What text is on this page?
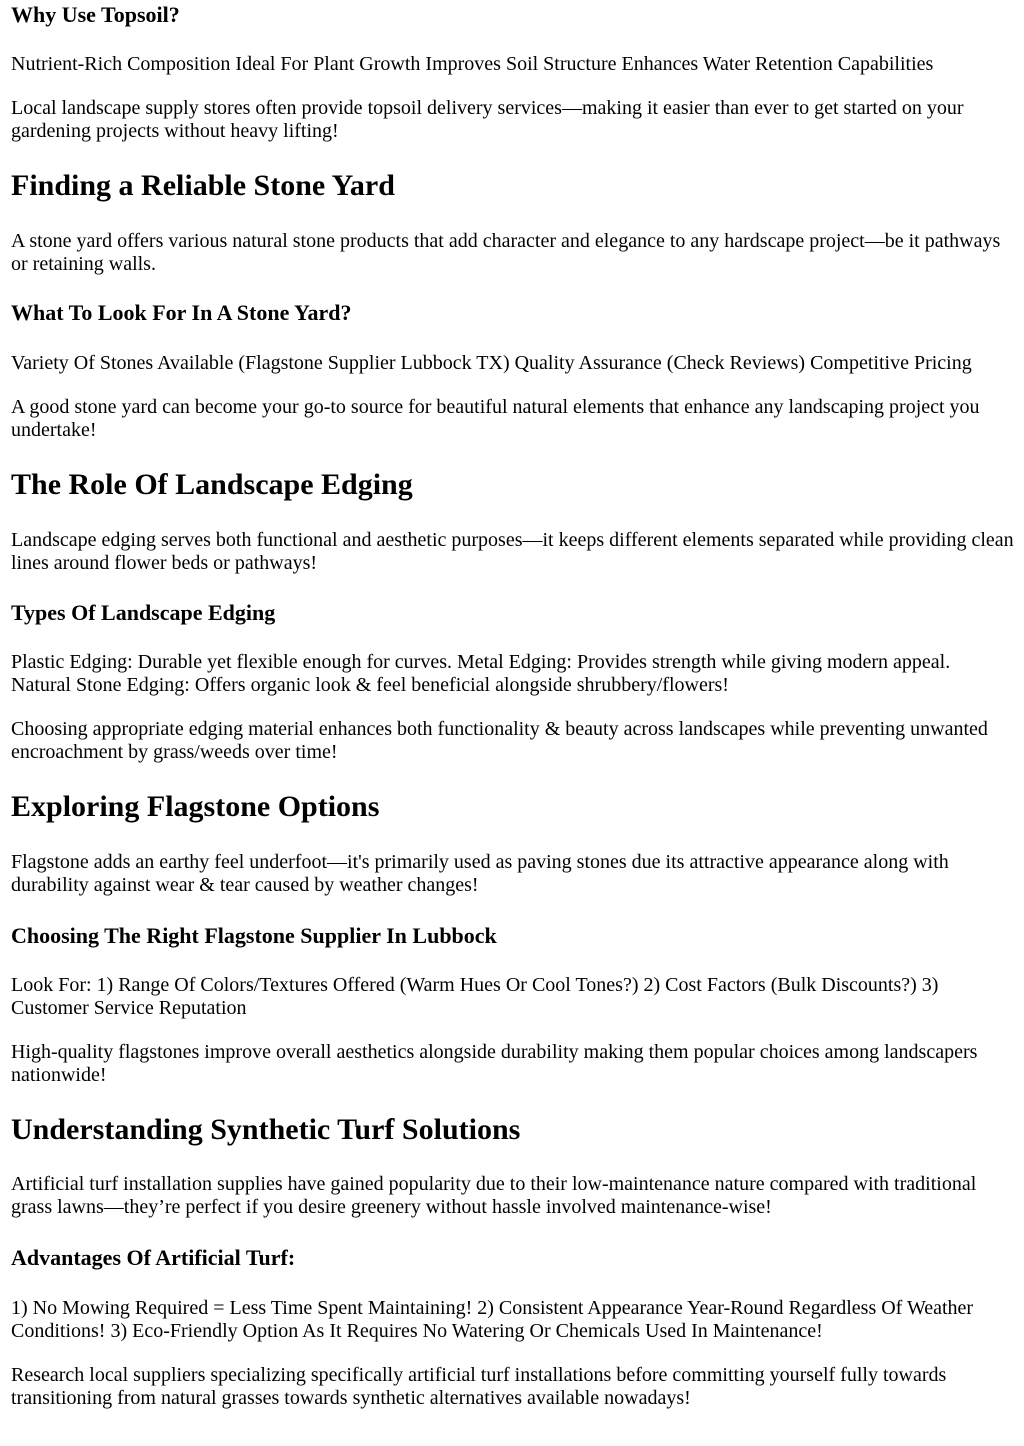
Why Use Topsoil?

Nutrient-Rich Composition Ideal For Plant Growth Improves Soil Structure Enhances Water Retention Capabilities

Local landscape supply stores often provide topsoil delivery services—making it easier than ever to get started on your gardening projects without heavy lifting!

Finding a Reliable Stone Yard

A stone yard offers various natural stone products that add character and elegance to any hardscape project—be it pathways or retaining walls.

What To Look For In A Stone Yard?

Variety Of Stones Available (Flagstone Supplier Lubbock TX) Quality Assurance (Check Reviews) Competitive Pricing

A good stone yard can become your go-to source for beautiful natural elements that enhance any landscaping project you undertake!

The Role Of Landscape Edging

Landscape edging serves both functional and aesthetic purposes—it keeps different elements separated while providing clean lines around flower beds or pathways!

Types Of Landscape Edging

Plastic Edging: Durable yet flexible enough for curves. Metal Edging: Provides strength while giving modern appeal. Natural Stone Edging: Offers organic look & feel beneficial alongside shrubbery/flowers!

Choosing appropriate edging material enhances both functionality & beauty across landscapes while preventing unwanted encroachment by grass/weeds over time!

Exploring Flagstone Options

Flagstone adds an earthy feel underfoot—it's primarily used as paving stones due its attractive appearance along with durability against wear & tear caused by weather changes!

Choosing The Right Flagstone Supplier In Lubbock

Look For: 1) Range Of Colors/Textures Offered (Warm Hues Or Cool Tones?) 2) Cost Factors (Bulk Discounts?) 3) Customer Service Reputation

High-quality flagstones improve overall aesthetics alongside durability making them popular choices among landscapers nationwide!

Understanding Synthetic Turf Solutions

Artificial turf installation supplies have gained popularity due to their low-maintenance nature compared with traditional grass lawns—they’re perfect if you desire greenery without hassle involved maintenance-wise!

Advantages Of Artificial Turf:

1) No Mowing Required = Less Time Spent Maintaining! 2) Consistent Appearance Year-Round Regardless Of Weather Conditions! 3) Eco-Friendly Option As It Requires No Watering Or Chemicals Used In Maintenance!

Research local suppliers specializing specifically artificial turf installations before committing yourself fully towards transitioning from natural grasses towards synthetic alternatives available nowadays!
